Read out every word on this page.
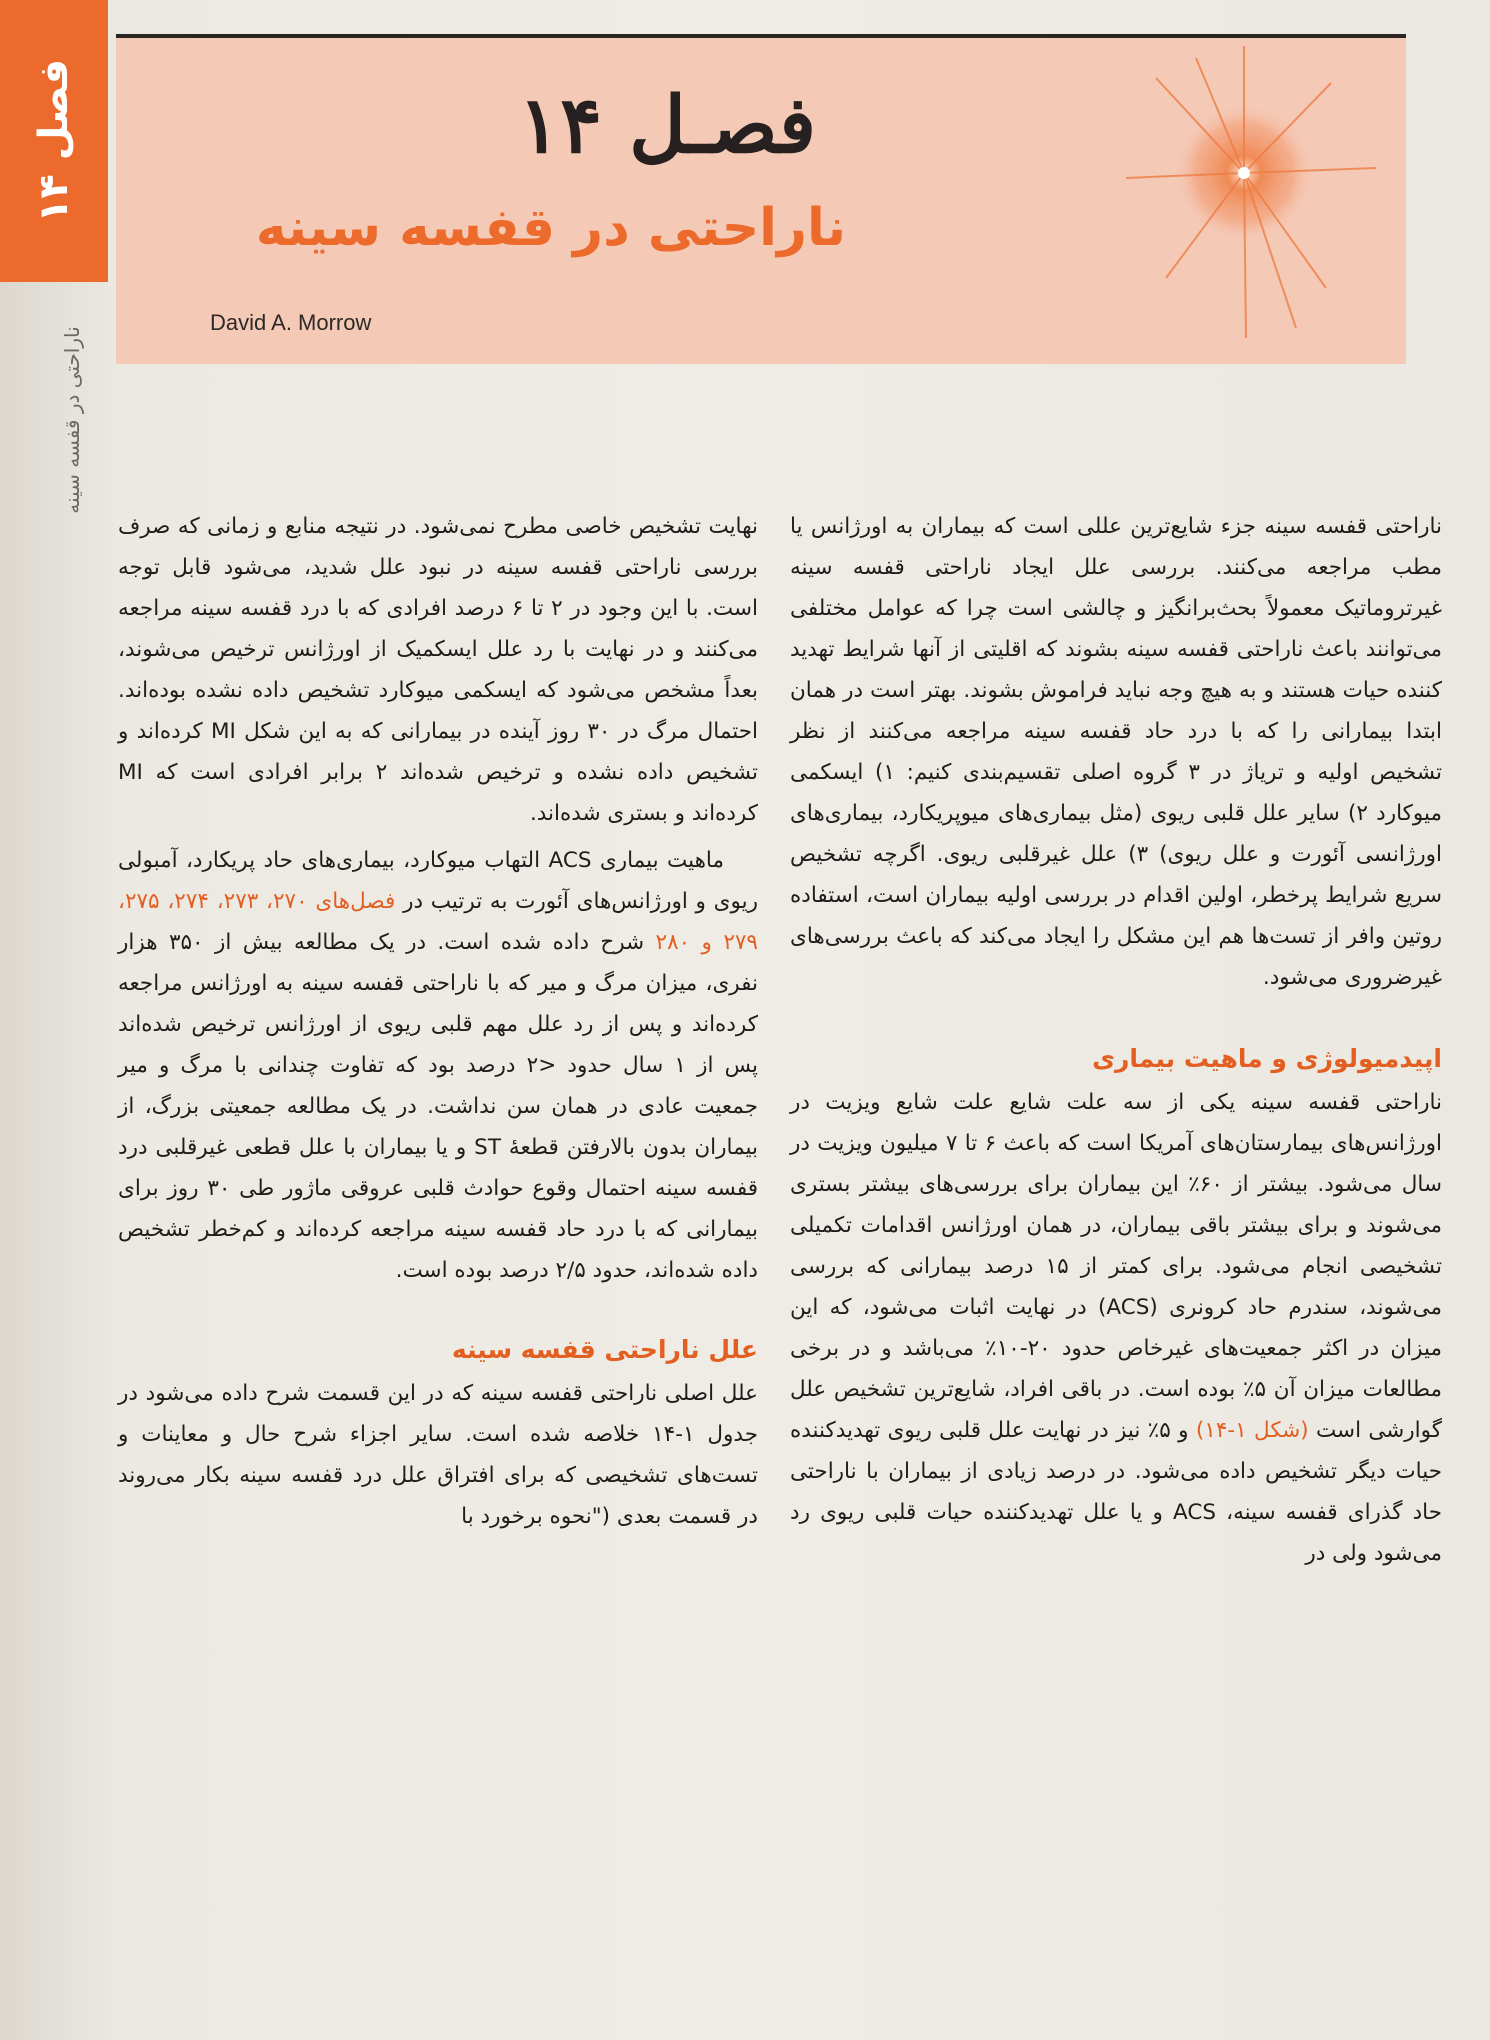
فصل ۱۴
ناراحتی در قفسه سینه
فصـل ۱۴
ناراحتی در قفسه سینه
David A. Morrow

ناراحتی قفسه سینه جزء شایع‌ترین عللی است که بیماران به اورژانس یا مطب مراجعه می‌کنند. بررسی علل ایجاد ناراحتی قفسه سینه غیرتروماتیک معمولاً بحث‌برانگیز و چالشی است چرا که عوامل مختلفی می‌توانند باعث ناراحتی قفسه سینه بشوند که اقلیتی از آنها شرایط تهدید کننده حیات هستند و به هیچ وجه نباید فراموش بشوند. بهتر است در همان ابتدا بیمارانی را که با درد حاد قفسه سینه مراجعه می‌کنند از نظر تشخیص اولیه و تریاژ در ۳ گروه اصلی تقسیم‌بندی کنیم: ۱) ایسکمی میوکارد ۲) سایر علل قلبی ریوی (مثل بیماری‌های میوپریکارد، بیماری‌های اورژانسی آئورت و علل ریوی) ۳) علل غیرقلبی ریوی. اگرچه تشخیص سریع شرایط پرخطر، اولین اقدام در بررسی اولیه بیماران است، استفاده روتین وافر از تست‌ها هم این مشکل را ایجاد می‌کند که باعث بررسی‌های غیرضروری می‌شود.

اپیدمیولوژی و ماهیت بیماری

ناراحتی قفسه سینه یکی از سه علت شایع علت شایع ویزیت در اورژانس‌های بیمارستان‌های آمریکا است که باعث ۶ تا ۷ میلیون ویزیت در سال می‌شود. بیشتر از ۶۰٪ این بیماران برای بررسی‌های بیشتر بستری می‌شوند و برای بیشتر باقی بیماران، در همان اورژانس اقدامات تکمیلی تشخیصی انجام می‌شود. برای کمتر از ۱۵ درصد بیمارانی که بررسی می‌شوند، سندرم حاد کرونری (ACS) در نهایت اثبات می‌شود، که این میزان در اکثر جمعیت‌های غیرخاص حدود ۲۰-۱۰٪ می‌باشد و در برخی مطالعات میزان آن ۵٪ بوده است. در باقی افراد، شایع‌ترین تشخیص علل گوارشی است (شکل ۱-۱۴) و ۵٪ نیز در نهایت علل قلبی ریوی تهدیدکننده حیات دیگر تشخیص داده می‌شود. در درصد زیادی از بیماران با ناراحتی حاد گذرای قفسه سینه، ACS و یا علل تهدیدکننده حیات قلبی ریوی رد می‌شود ولی در

نهایت تشخیص خاصی مطرح نمی‌شود. در نتیجه منابع و زمانی که صرف بررسی ناراحتی قفسه سینه در نبود علل شدید، می‌شود قابل توجه است. با این وجود در ۲ تا ۶ درصد افرادی که با درد قفسه سینه مراجعه می‌کنند و در نهایت با رد علل ایسکمیک از اورژانس ترخیص می‌شوند، بعداً مشخص می‌شود که ایسکمی میوکارد تشخیص داده نشده بوده‌اند. احتمال مرگ در ۳۰ روز آینده در بیمارانی که به این شکل MI کرده‌اند و تشخیص داده نشده و ترخیص شده‌اند ۲ برابر افرادی است که MI کرده‌اند و بستری شده‌اند.

ماهیت بیماری ACS التهاب میوکارد، بیماری‌های حاد پریکارد، آمبولی ریوی و اورژانس‌های آئورت به ترتیب در فصل‌های ۲۷۰، ۲۷۳، ۲۷۴، ۲۷۵، ۲۷۹ و ۲۸۰ شرح داده شده است. در یک مطالعه بیش از ۳۵۰ هزار نفری، میزان مرگ و میر که با ناراحتی قفسه سینه به اورژانس مراجعه کرده‌اند و پس از رد علل مهم قلبی ریوی از اورژانس ترخیص شده‌اند پس از ۱ سال حدود <۲ درصد بود که تفاوت چندانی با مرگ و میر جمعیت عادی در همان سن نداشت. در یک مطالعه جمعیتی بزرگ، از بیماران بدون بالارفتن قطعهٔ ST و یا بیماران با علل قطعی غیرقلبی درد قفسه سینه احتمال وقوع حوادث قلبی عروقی ماژور طی ۳۰ روز برای بیمارانی که با درد حاد قفسه سینه مراجعه کرده‌اند و کم‌خطر تشخیص داده شده‌اند، حدود ۲/۵ درصد بوده است.

علل ناراحتی قفسه سینه

علل اصلی ناراحتی قفسه سینه که در این قسمت شرح داده می‌شود در جدول ۱-۱۴ خلاصه شده است. سایر اجزاء شرح حال و معاینات و تست‌های تشخیصی که برای افتراق علل درد قفسه سینه بکار می‌روند در قسمت بعدی ("نحوه برخورد با
